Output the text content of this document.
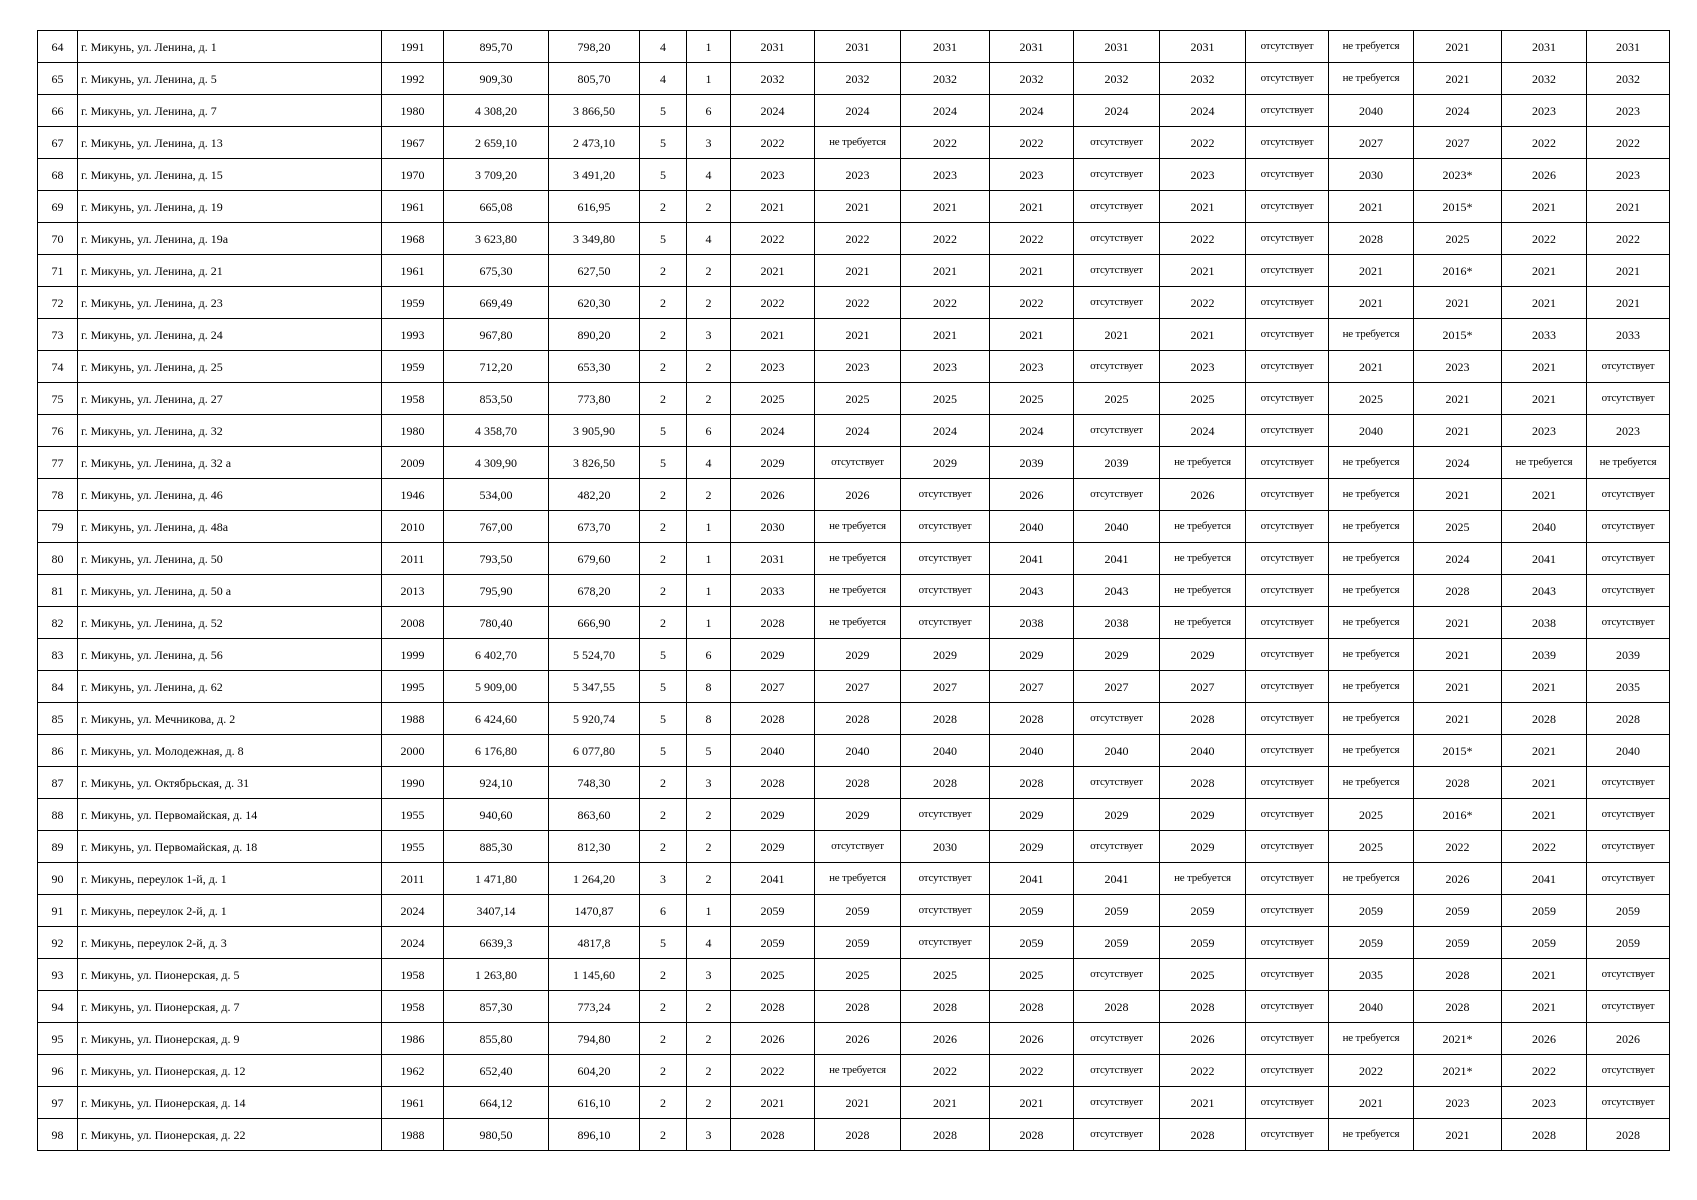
64	г. Микунь, ул. Ленина, д. 1	1991	895,70	798,20	4	1	2031	2031	2031	2031	2031	2031	отсутствует	не требуется	2021	2031	2031
65	г. Микунь, ул. Ленина, д. 5	1992	909,30	805,70	4	1	2032	2032	2032	2032	2032	2032	отсутствует	не требуется	2021	2032	2032
66	г. Микунь, ул. Ленина, д. 7	1980	4 308,20	3 866,50	5	6	2024	2024	2024	2024	2024	2024	отсутствует	2040	2024	2023	2023
67	г. Микунь, ул. Ленина, д. 13	1967	2 659,10	2 473,10	5	3	2022	не требуется	2022	2022	отсутствует	2022	отсутствует	2027	2027	2022	2022
68	г. Микунь, ул. Ленина, д. 15	1970	3 709,20	3 491,20	5	4	2023	2023	2023	2023	отсутствует	2023	отсутствует	2030	2023*	2026	2023
69	г. Микунь, ул. Ленина, д. 19	1961	665,08	616,95	2	2	2021	2021	2021	2021	отсутствует	2021	отсутствует	2021	2015*	2021	2021
70	г. Микунь, ул. Ленина, д. 19а	1968	3 623,80	3 349,80	5	4	2022	2022	2022	2022	отсутствует	2022	отсутствует	2028	2025	2022	2022
71	г. Микунь, ул. Ленина, д. 21	1961	675,30	627,50	2	2	2021	2021	2021	2021	отсутствует	2021	отсутствует	2021	2016*	2021	2021
72	г. Микунь, ул. Ленина, д. 23	1959	669,49	620,30	2	2	2022	2022	2022	2022	отсутствует	2022	отсутствует	2021	2021	2021	2021
73	г. Микунь, ул. Ленина, д. 24	1993	967,80	890,20	2	3	2021	2021	2021	2021	2021	2021	отсутствует	не требуется	2015*	2033	2033
74	г. Микунь, ул. Ленина, д. 25	1959	712,20	653,30	2	2	2023	2023	2023	2023	отсутствует	2023	отсутствует	2021	2023	2021	отсутствует
75	г. Микунь, ул. Ленина, д. 27	1958	853,50	773,80	2	2	2025	2025	2025	2025	2025	2025	отсутствует	2025	2021	2021	отсутствует
76	г. Микунь, ул. Ленина, д. 32	1980	4 358,70	3 905,90	5	6	2024	2024	2024	2024	отсутствует	2024	отсутствует	2040	2021	2023	2023
77	г. Микунь, ул. Ленина, д. 32 а	2009	4 309,90	3 826,50	5	4	2029	отсутствует	2029	2039	2039	не требуется	отсутствует	не требуется	2024	не требуется	не требуется
78	г. Микунь, ул. Ленина, д. 46	1946	534,00	482,20	2	2	2026	2026	отсутствует	2026	отсутствует	2026	отсутствует	не требуется	2021	2021	отсутствует
79	г. Микунь, ул. Ленина, д. 48а	2010	767,00	673,70	2	1	2030	не требуется	отсутствует	2040	2040	не требуется	отсутствует	не требуется	2025	2040	отсутствует
80	г. Микунь, ул. Ленина, д. 50	2011	793,50	679,60	2	1	2031	не требуется	отсутствует	2041	2041	не требуется	отсутствует	не требуется	2024	2041	отсутствует
81	г. Микунь, ул. Ленина, д. 50 а	2013	795,90	678,20	2	1	2033	не требуется	отсутствует	2043	2043	не требуется	отсутствует	не требуется	2028	2043	отсутствует
82	г. Микунь, ул. Ленина, д. 52	2008	780,40	666,90	2	1	2028	не требуется	отсутствует	2038	2038	не требуется	отсутствует	не требуется	2021	2038	отсутствует
83	г. Микунь, ул. Ленина, д. 56	1999	6 402,70	5 524,70	5	6	2029	2029	2029	2029	2029	2029	отсутствует	не требуется	2021	2039	2039
84	г. Микунь, ул. Ленина, д. 62	1995	5 909,00	5 347,55	5	8	2027	2027	2027	2027	2027	2027	отсутствует	не требуется	2021	2021	2035
85	г. Микунь, ул. Мечникова, д. 2	1988	6 424,60	5 920,74	5	8	2028	2028	2028	2028	отсутствует	2028	отсутствует	не требуется	2021	2028	2028
86	г. Микунь, ул. Молодежная, д. 8	2000	6 176,80	6 077,80	5	5	2040	2040	2040	2040	2040	2040	отсутствует	не требуется	2015*	2021	2040
87	г. Микунь, ул. Октябрьская, д. 31	1990	924,10	748,30	2	3	2028	2028	2028	2028	отсутствует	2028	отсутствует	не требуется	2028	2021	отсутствует
88	г. Микунь, ул. Первомайская, д. 14	1955	940,60	863,60	2	2	2029	2029	отсутствует	2029	2029	2029	отсутствует	2025	2016*	2021	отсутствует
89	г. Микунь, ул. Первомайская, д. 18	1955	885,30	812,30	2	2	2029	отсутствует	2030	2029	отсутствует	2029	отсутствует	2025	2022	2022	отсутствует
90	г. Микунь, переулок 1-й, д. 1	2011	1 471,80	1 264,20	3	2	2041	не требуется	отсутствует	2041	2041	не требуется	отсутствует	не требуется	2026	2041	отсутствует
91	г. Микунь, переулок 2-й, д. 1	2024	3407,14	1470,87	6	1	2059	2059	отсутствует	2059	2059	2059	отсутствует	2059	2059	2059	2059
92	г. Микунь, переулок 2-й, д. 3	2024	6639,3	4817,8	5	4	2059	2059	отсутствует	2059	2059	2059	отсутствует	2059	2059	2059	2059
93	г. Микунь, ул. Пионерская, д. 5	1958	1 263,80	1 145,60	2	3	2025	2025	2025	2025	отсутствует	2025	отсутствует	2035	2028	2021	отсутствует
94	г. Микунь, ул. Пионерская, д. 7	1958	857,30	773,24	2	2	2028	2028	2028	2028	2028	2028	отсутствует	2040	2028	2021	отсутствует
95	г. Микунь, ул. Пионерская, д. 9	1986	855,80	794,80	2	2	2026	2026	2026	2026	отсутствует	2026	отсутствует	не требуется	2021*	2026	2026
96	г. Микунь, ул. Пионерская, д. 12	1962	652,40	604,20	2	2	2022	не требуется	2022	2022	отсутствует	2022	отсутствует	2022	2021*	2022	отсутствует
97	г. Микунь, ул. Пионерская, д. 14	1961	664,12	616,10	2	2	2021	2021	2021	2021	отсутствует	2021	отсутствует	2021	2023	2023	отсутствует
98	г. Микунь, ул. Пионерская, д. 22	1988	980,50	896,10	2	3	2028	2028	2028	2028	отсутствует	2028	отсутствует	не требуется	2021	2028	2028
